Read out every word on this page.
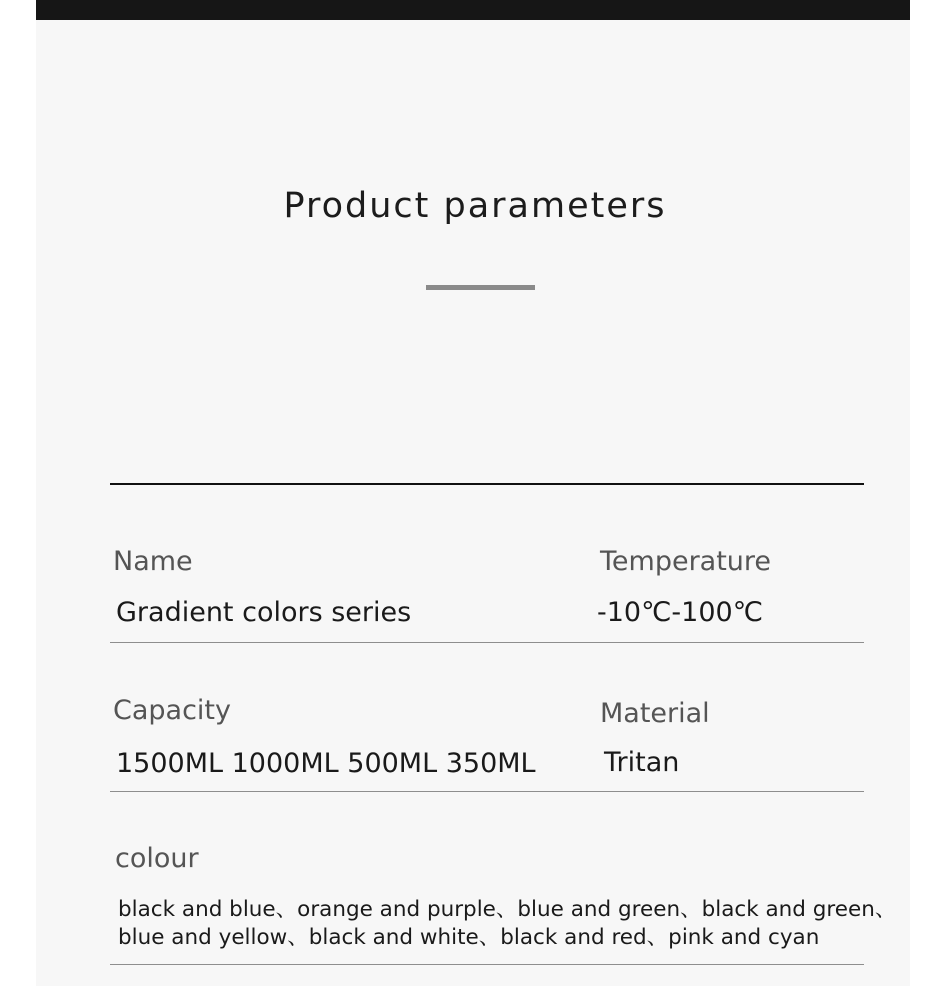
Product parameters
Name
Gradient colors series
Temperature
-10℃-100℃
Capacity
1500ML 1000ML 500ML 350ML
Material
Tritan
colour
black and blue、orange and purple、blue and green、black and green、
blue and yellow、black and white、black and red、pink and cyan
